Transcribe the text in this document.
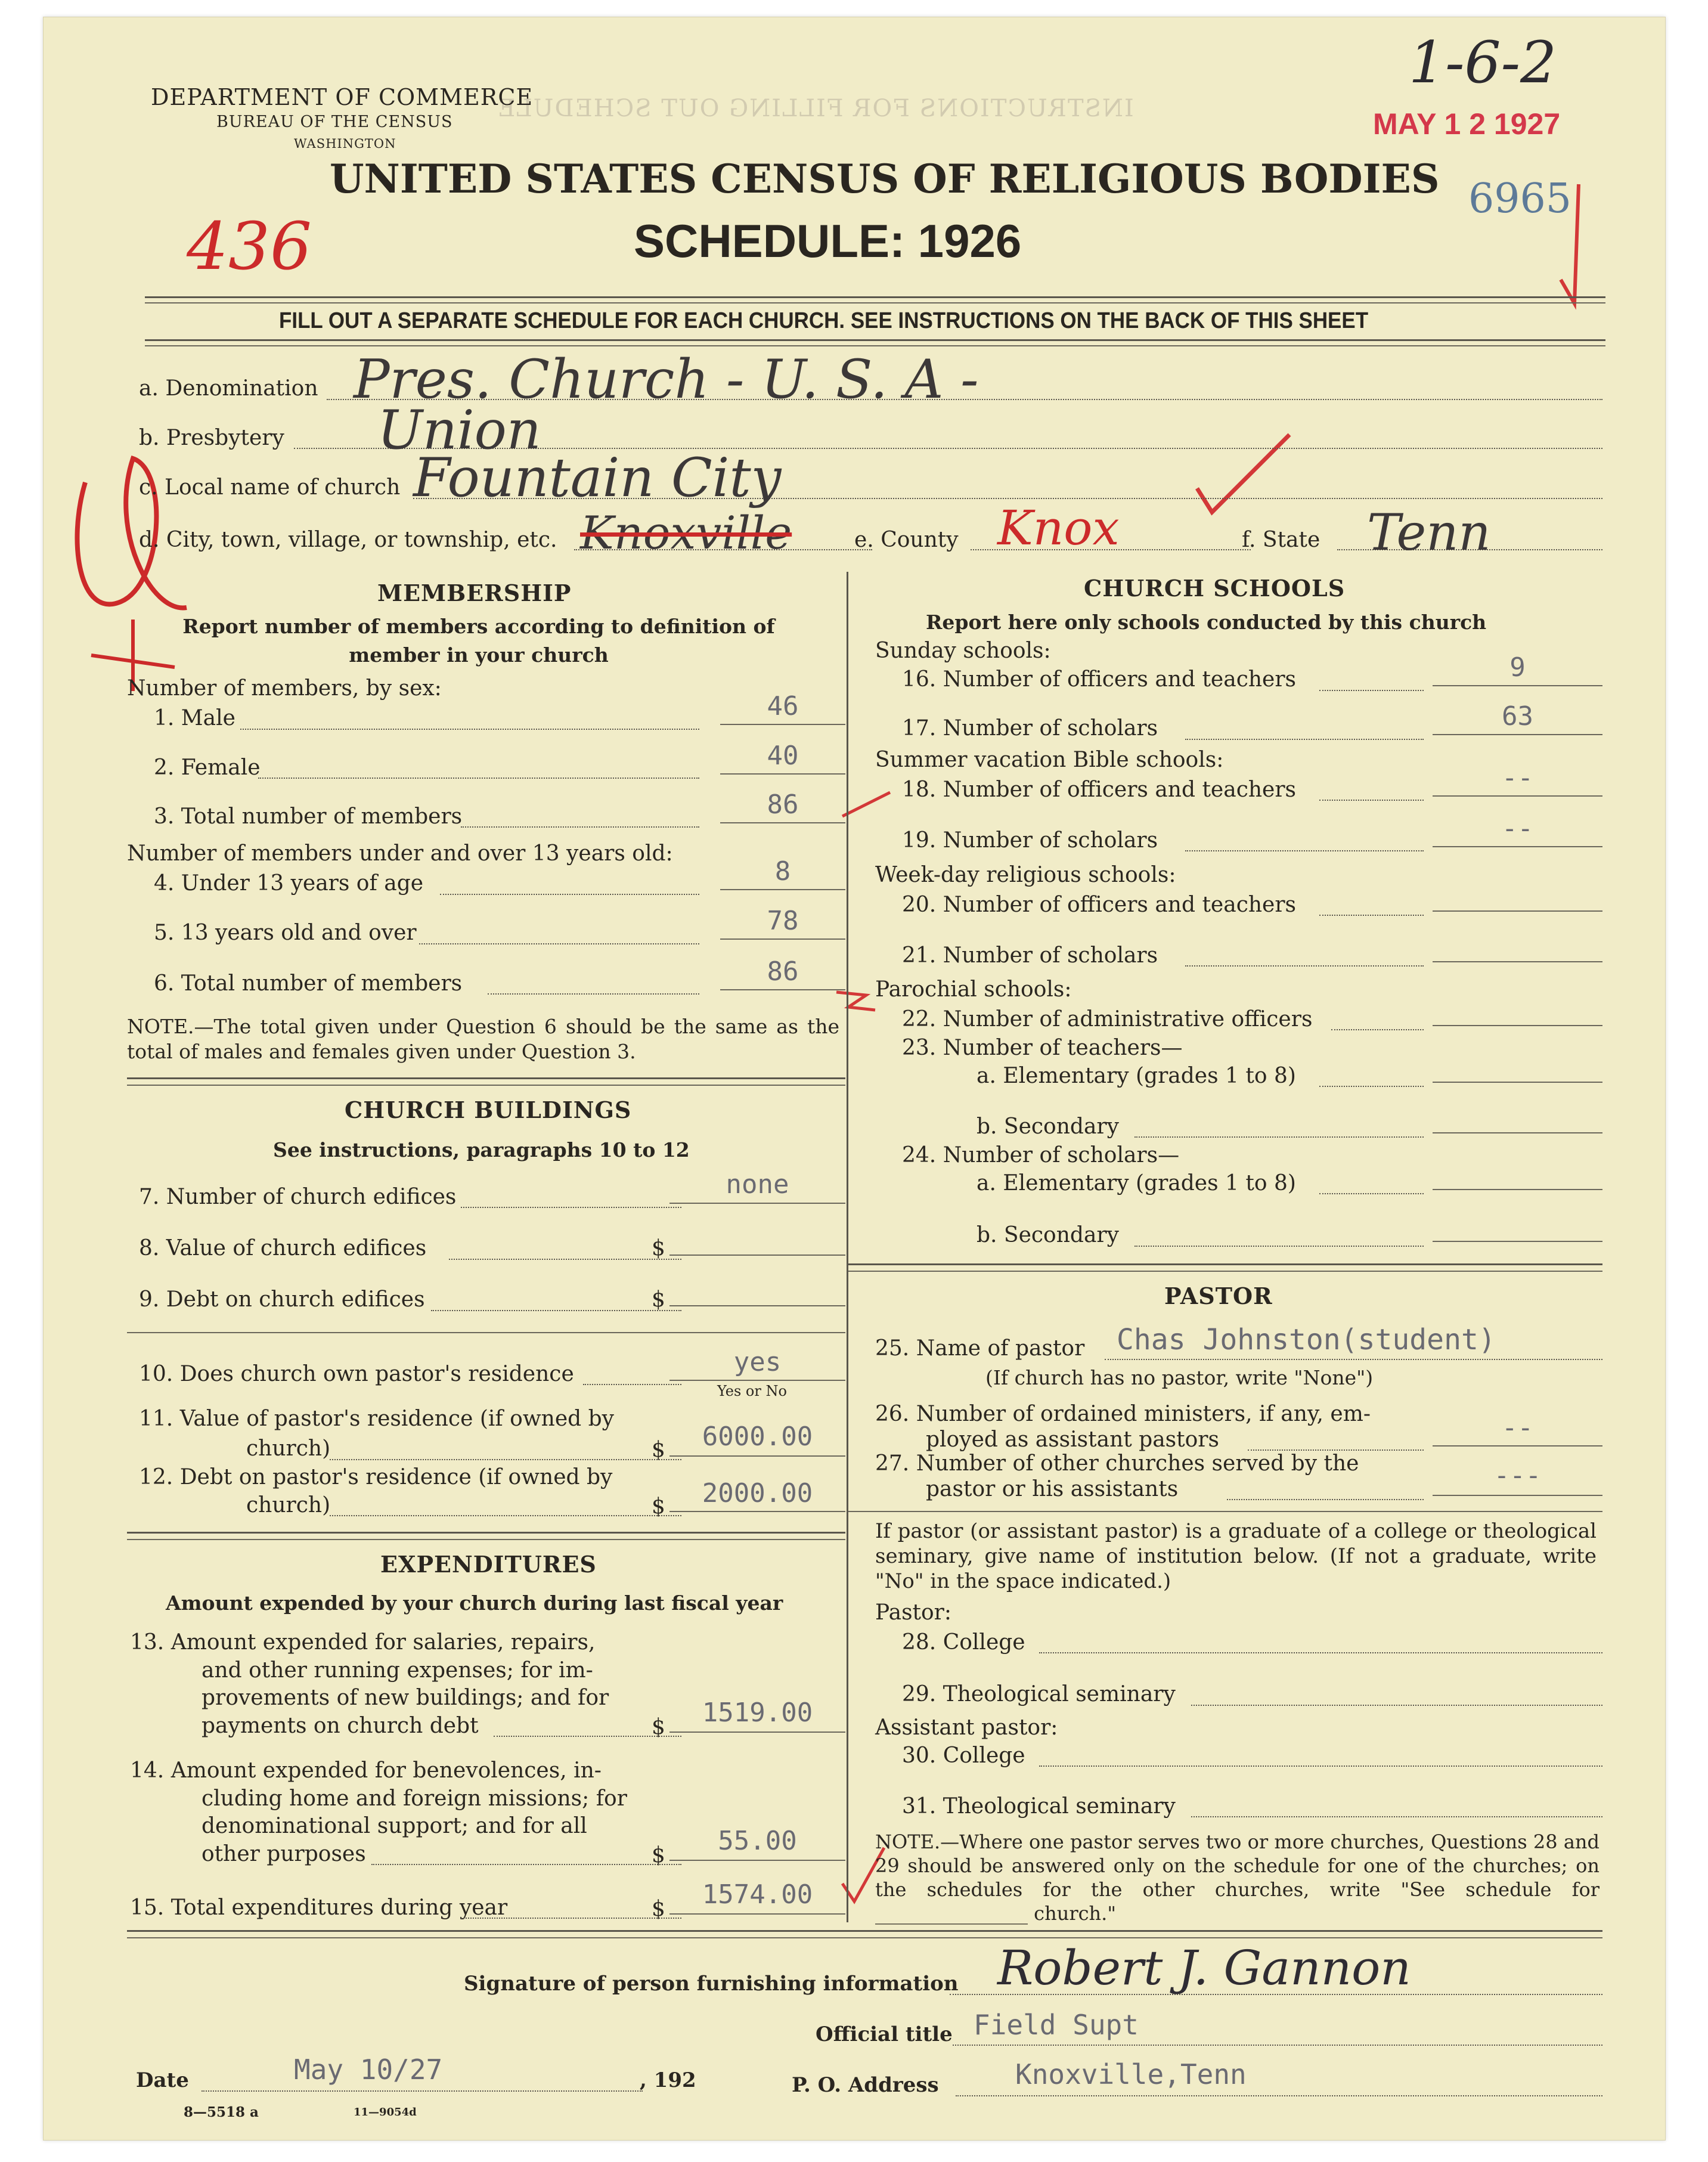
INSTRUCTIONS FOR FILLING OUT SCHEDULE
DEPARTMENT OF COMMERCE
BUREAU OF THE CENSUS
WASHINGTON
UNITED STATES CENSUS OF RELIGIOUS BODIES
SCHEDULE: 1926
1-6-2
MAY 1 2 1927
6965
436
FILL OUT A SEPARATE SCHEDULE FOR EACH CHURCH. SEE INSTRUCTIONS ON THE BACK OF THIS SHEET
a. Denomination Pres. Church - U. S. A -
b. Presbytery Union
c. Local name of church Fountain City
d. City, town, village, or township, etc. Knoxville	e. County Knox	f. State Tenn
MEMBERSHIP
Report number of members according to definition of member in your church
Number of members, by sex:
1. Male	46
2. Female	40
3. Total number of members	86
Number of members under and over 13 years old:
4. Under 13 years of age	8
5. 13 years old and over	78
6. Total number of members	86
NOTE.—The total given under Question 6 should be the same as the total of males and females given under Question 3.
CHURCH BUILDINGS
See instructions, paragraphs 10 to 12
7. Number of church edifices	none
8. Value of church edifices	$
9. Debt on church edifices	$
10. Does church own pastor's residence	yes
Yes or No
11. Value of pastor's residence (if owned by
church)	$	6000.00
12. Debt on pastor's residence (if owned by
church)	$	2000.00
EXPENDITURES
Amount expended by your church during last fiscal year
13. Amount expended for salaries, repairs,
and other running expenses; for im-
provements of new buildings; and for
payments on church debt	$	1519.00
14. Amount expended for benevolences, in-
cluding home and foreign missions; for
denominational support; and for all
other purposes	$	55.00
15. Total expenditures during year	$	1574.00
CHURCH SCHOOLS
Report here only schools conducted by this church
Sunday schools:
16. Number of officers and teachers	9
17. Number of scholars	63
Summer vacation Bible schools:
18. Number of officers and teachers	--
19. Number of scholars	--
Week-day religious schools:
20. Number of officers and teachers
21. Number of scholars
Parochial schools:
22. Number of administrative officers
23. Number of teachers—
a. Elementary (grades 1 to 8)
b. Secondary
24. Number of scholars—
a. Elementary (grades 1 to 8)
b. Secondary
PASTOR
25. Name of pastor Chas Johnston(student)
(If church has no pastor, write "None")
26. Number of ordained ministers, if any, em-
ployed as assistant pastors	--
27. Number of other churches served by the
pastor or his assistants	---
If pastor (or assistant pastor) is a graduate of a college or theological seminary, give name of institution below. (If not a graduate, write "No" in the space indicated.)
Pastor:
28. College
29. Theological seminary
Assistant pastor:
30. College
31. Theological seminary
NOTE.—Where one pastor serves two or more churches, Questions 28 and 29 should be answered only on the schedule for one of the churches; on the schedules for the other churches, write "See schedule for ________________ church."
Signature of person furnishing information Robert J. Gannon
Official title Field Supt
Date	May 10/27	, 192	P. O. Address	Knoxville,Tenn
8—5518 a	11—9054d
